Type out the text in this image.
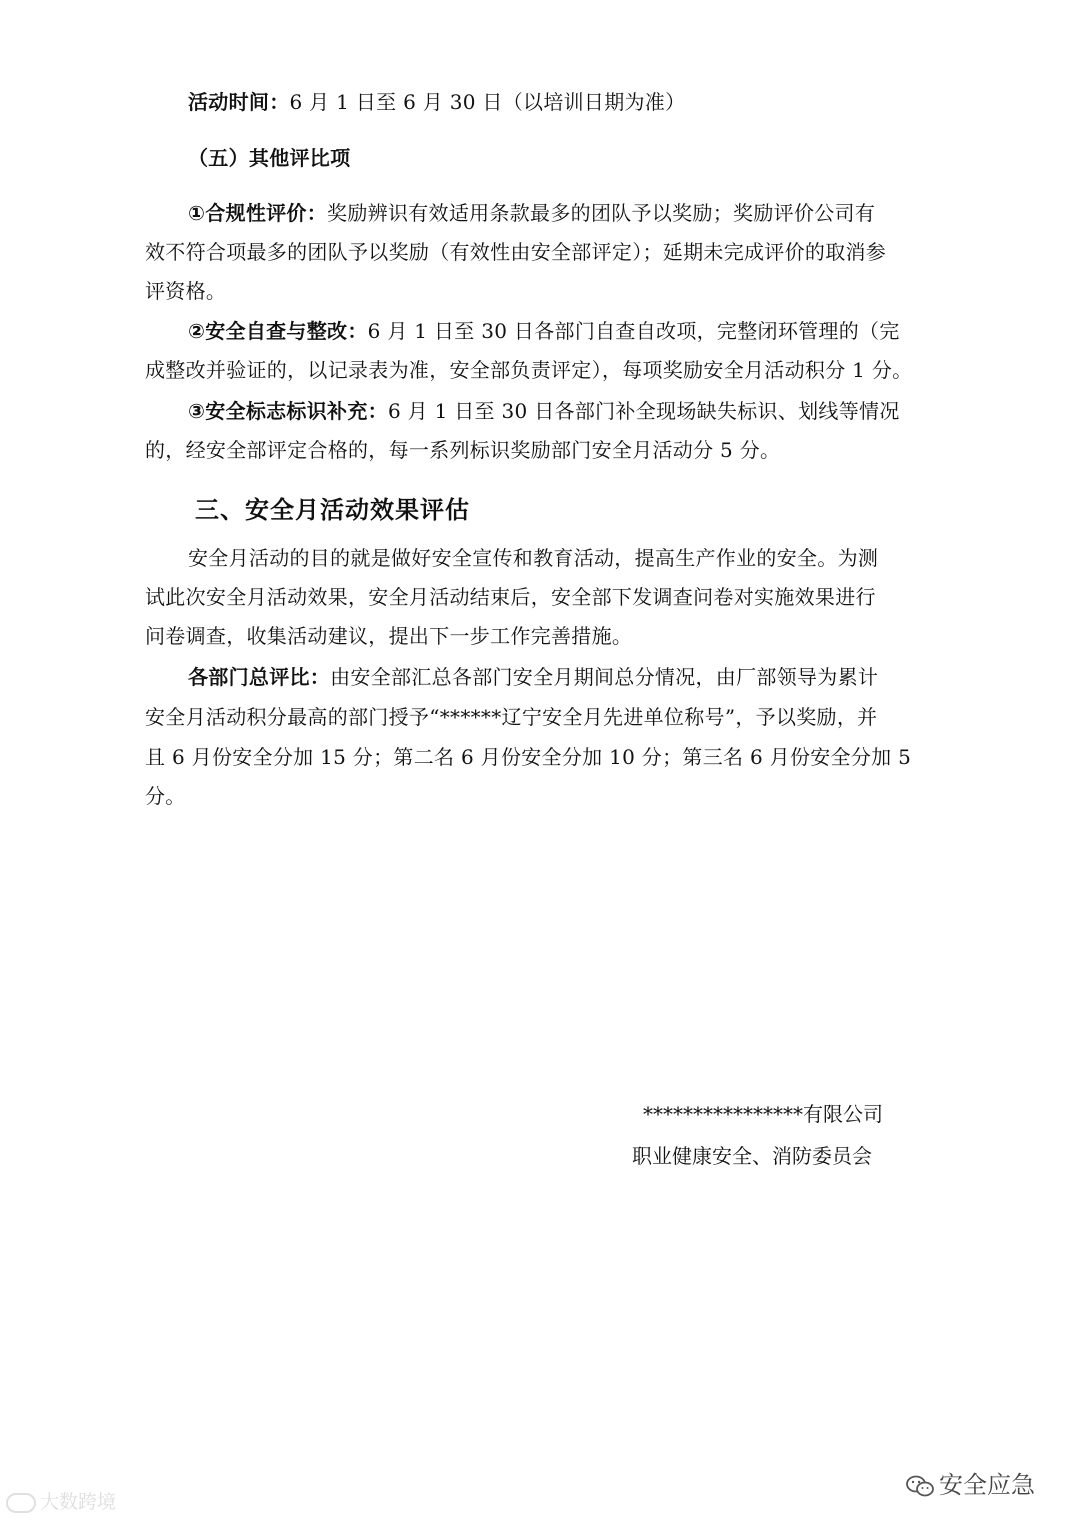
活动时间：6 月 1 日至 6 月 30 日（以培训日期为准）
（五）其他评比项
①合规性评价：奖励辨识有效适用条款最多的团队予以奖励；奖励评价公司有
效不符合项最多的团队予以奖励（有效性由安全部评定）；延期未完成评价的取消参
评资格。
②安全自查与整改：6 月 1 日至 30 日各部门自查自改项，完整闭环管理的（完
成整改并验证的，以记录表为准，安全部负责评定），每项奖励安全月活动积分 1 分。
③安全标志标识补充：6 月 1 日至 30 日各部门补全现场缺失标识、划线等情况
的，经安全部评定合格的，每一系列标识奖励部门安全月活动分 5 分。
三、安全月活动效果评估
安全月活动的目的就是做好安全宣传和教育活动，提高生产作业的安全。为测
试此次安全月活动效果，安全月活动结束后，安全部下发调查问卷对实施效果进行
问卷调查，收集活动建议，提出下一步工作完善措施。
各部门总评比：由安全部汇总各部门安全月期间总分情况，由厂部领导为累计
安全月活动积分最高的部门授予“******辽宁安全月先进单位称号”，予以奖励，并
且 6 月份安全分加 15 分；第二名 6 月份安全分加 10 分；第三名 6 月份安全分加 5
分。
****************有限公司
职业健康安全、消防委员会
大数跨境
安全应急
